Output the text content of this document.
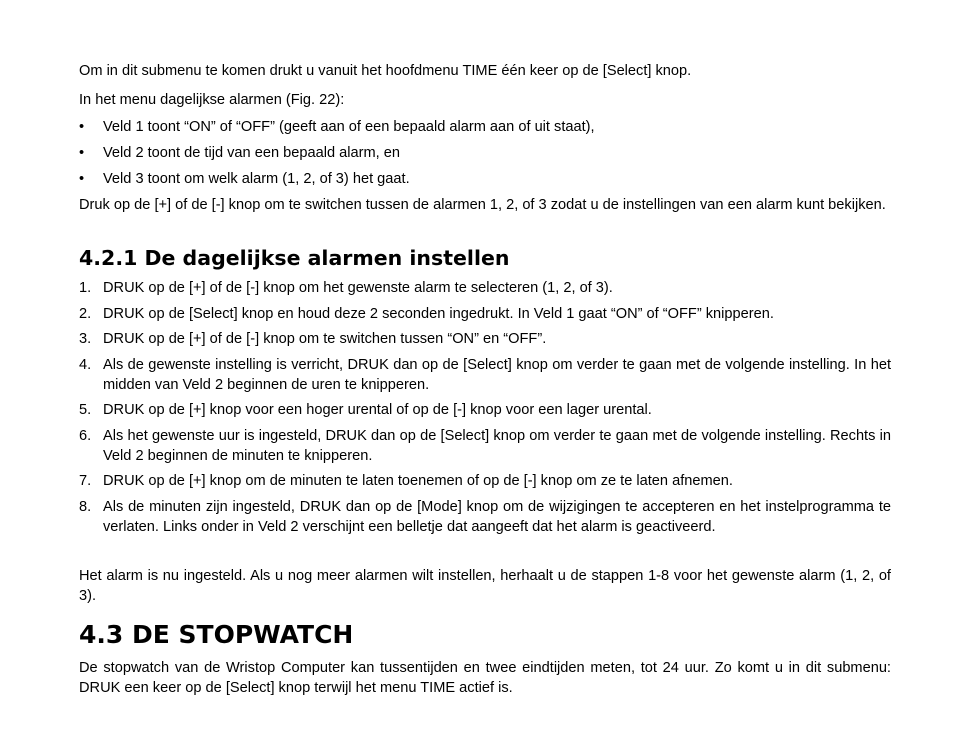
Om in dit submenu te komen drukt u vanuit het hoofdmenu TIME één keer op de [Select] knop.

In het menu dagelijkse alarmen (Fig. 22):

• Veld 1 toont “ON” of “OFF” (geeft aan of een bepaald alarm aan of uit staat),
• Veld 2 toont de tijd van een bepaald alarm, en
• Veld 3 toont om welk alarm (1, 2, of 3) het gaat.

Druk op de [+] of de [-] knop om te switchen tussen de alarmen 1, 2, of 3 zodat u de instellingen van een alarm kunt bekijken.

4.2.1 De dagelijkse alarmen instellen
1. DRUK op de [+] of de [-] knop om het gewenste alarm te selecteren (1, 2, of 3).
2. DRUK op de [Select] knop en houd deze 2 seconden ingedrukt. In Veld 1 gaat “ON” of “OFF” knipperen.
3. DRUK op de [+] of de [-] knop om te switchen tussen “ON” en “OFF”.
4. Als de gewenste instelling is verricht, DRUK dan op de [Select] knop om verder te gaan met de volgende instelling. In het midden van Veld 2 beginnen de uren te knipperen.
5. DRUK op de [+] knop voor een hoger urental of op de [-] knop voor een lager urental.
6. Als het gewenste uur is ingesteld, DRUK dan op de [Select] knop om verder te gaan met de volgende instelling. Rechts in Veld 2 beginnen de minuten te knipperen.
7. DRUK op de [+] knop om de minuten te laten toenemen of op de [-] knop om ze te laten afnemen.
8. Als de minuten zijn ingesteld, DRUK dan op de [Mode] knop om de wijzigingen te accepteren en het instelprogramma te verlaten. Links onder in Veld 2 verschijnt een belletje dat aangeeft dat het alarm is geactiveerd.

Het alarm is nu ingesteld. Als u nog meer alarmen wilt instellen, herhaalt u de stappen 1-8 voor het gewenste alarm (1, 2, of 3).

4.3 DE STOPWATCH

De stopwatch van de Wristop Computer kan tussentijden en twee eindtijden meten, tot 24 uur. Zo komt u in dit submenu: DRUK een keer op de [Select] knop terwijl het menu TIME actief is.
